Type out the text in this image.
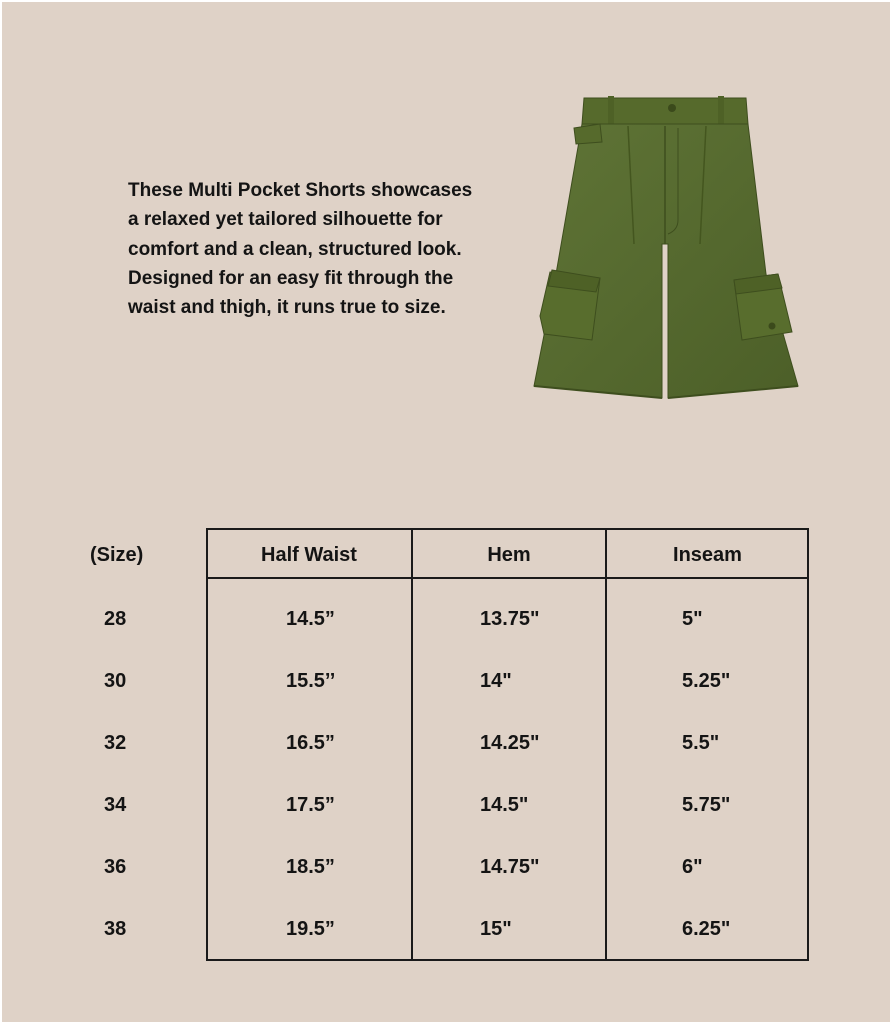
These Multi Pocket Shorts showcases a relaxed yet tailored silhouette for comfort and a clean, structured look. Designed for an easy fit through the waist and thigh, it runs true to size.

(Size)	Half Waist	Hem	Inseam
28	14.5”	13.75"	5"
30	15.5’’	14"	5.25"
32	16.5”	14.25"	5.5"
34	17.5”	14.5"	5.75"
36	18.5”	14.75"	6"
38	19.5”	15"	6.25"
